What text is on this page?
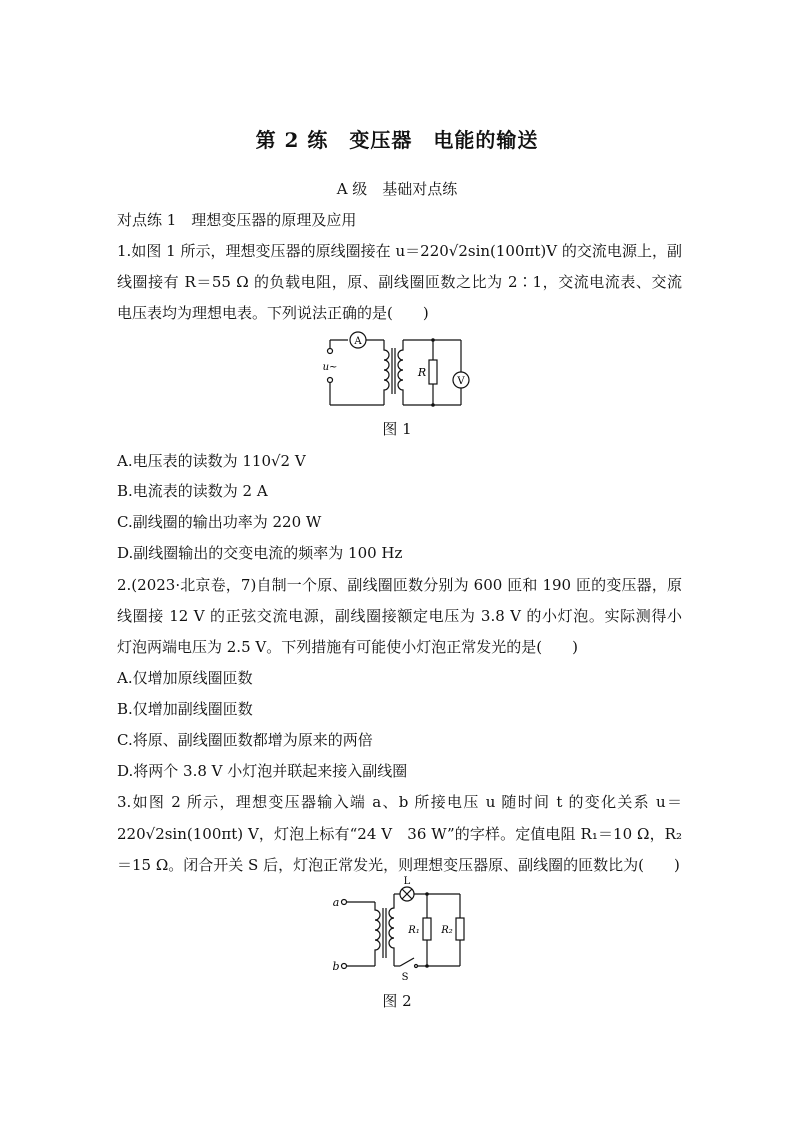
第 2 练　变压器　电能的输送
A 级　基础对点练
对点练 1　理想变压器的原理及应用
1.如图 1 所示，理想变压器的原线圈接在 u＝220√2sin(100πt)V 的交流电源上，副
线圈接有 R＝55 Ω 的负载电阻，原、副线圈匝数之比为 2∶1，交流电流表、交流
电压表均为理想电表。下列说法正确的是(　　)
A
V
u~	R
图 1
A.电压表的读数为 110√2 V
B.电流表的读数为 2 A
C.副线圈的输出功率为 220 W
D.副线圈输出的交变电流的频率为 100 Hz
2.(2023·北京卷，7)自制一个原、副线圈匝数分别为 600 匝和 190 匝的变压器，原
线圈接 12 V 的正弦交流电源，副线圈接额定电压为 3.8 V 的小灯泡。实际测得小
灯泡两端电压为 2.5 V。下列措施有可能使小灯泡正常发光的是(　　)
A.仅增加原线圈匝数
B.仅增加副线圈匝数
C.将原、副线圈匝数都增为原来的两倍
D.将两个 3.8 V 小灯泡并联起来接入副线圈
3.如图 2 所示，理想变压器输入端 a、b 所接电压 u 随时间 t 的变化关系 u＝
220√2sin(100πt) V，灯泡上标有“24 V　36 W”的字样。定值电阻 R₁＝10 Ω，R₂
＝15 Ω。闭合开关 S 后，灯泡正常发光，则理想变压器原、副线圈的匝数比为(　　)
a
b
L
R₁ R₂
S
图 2
